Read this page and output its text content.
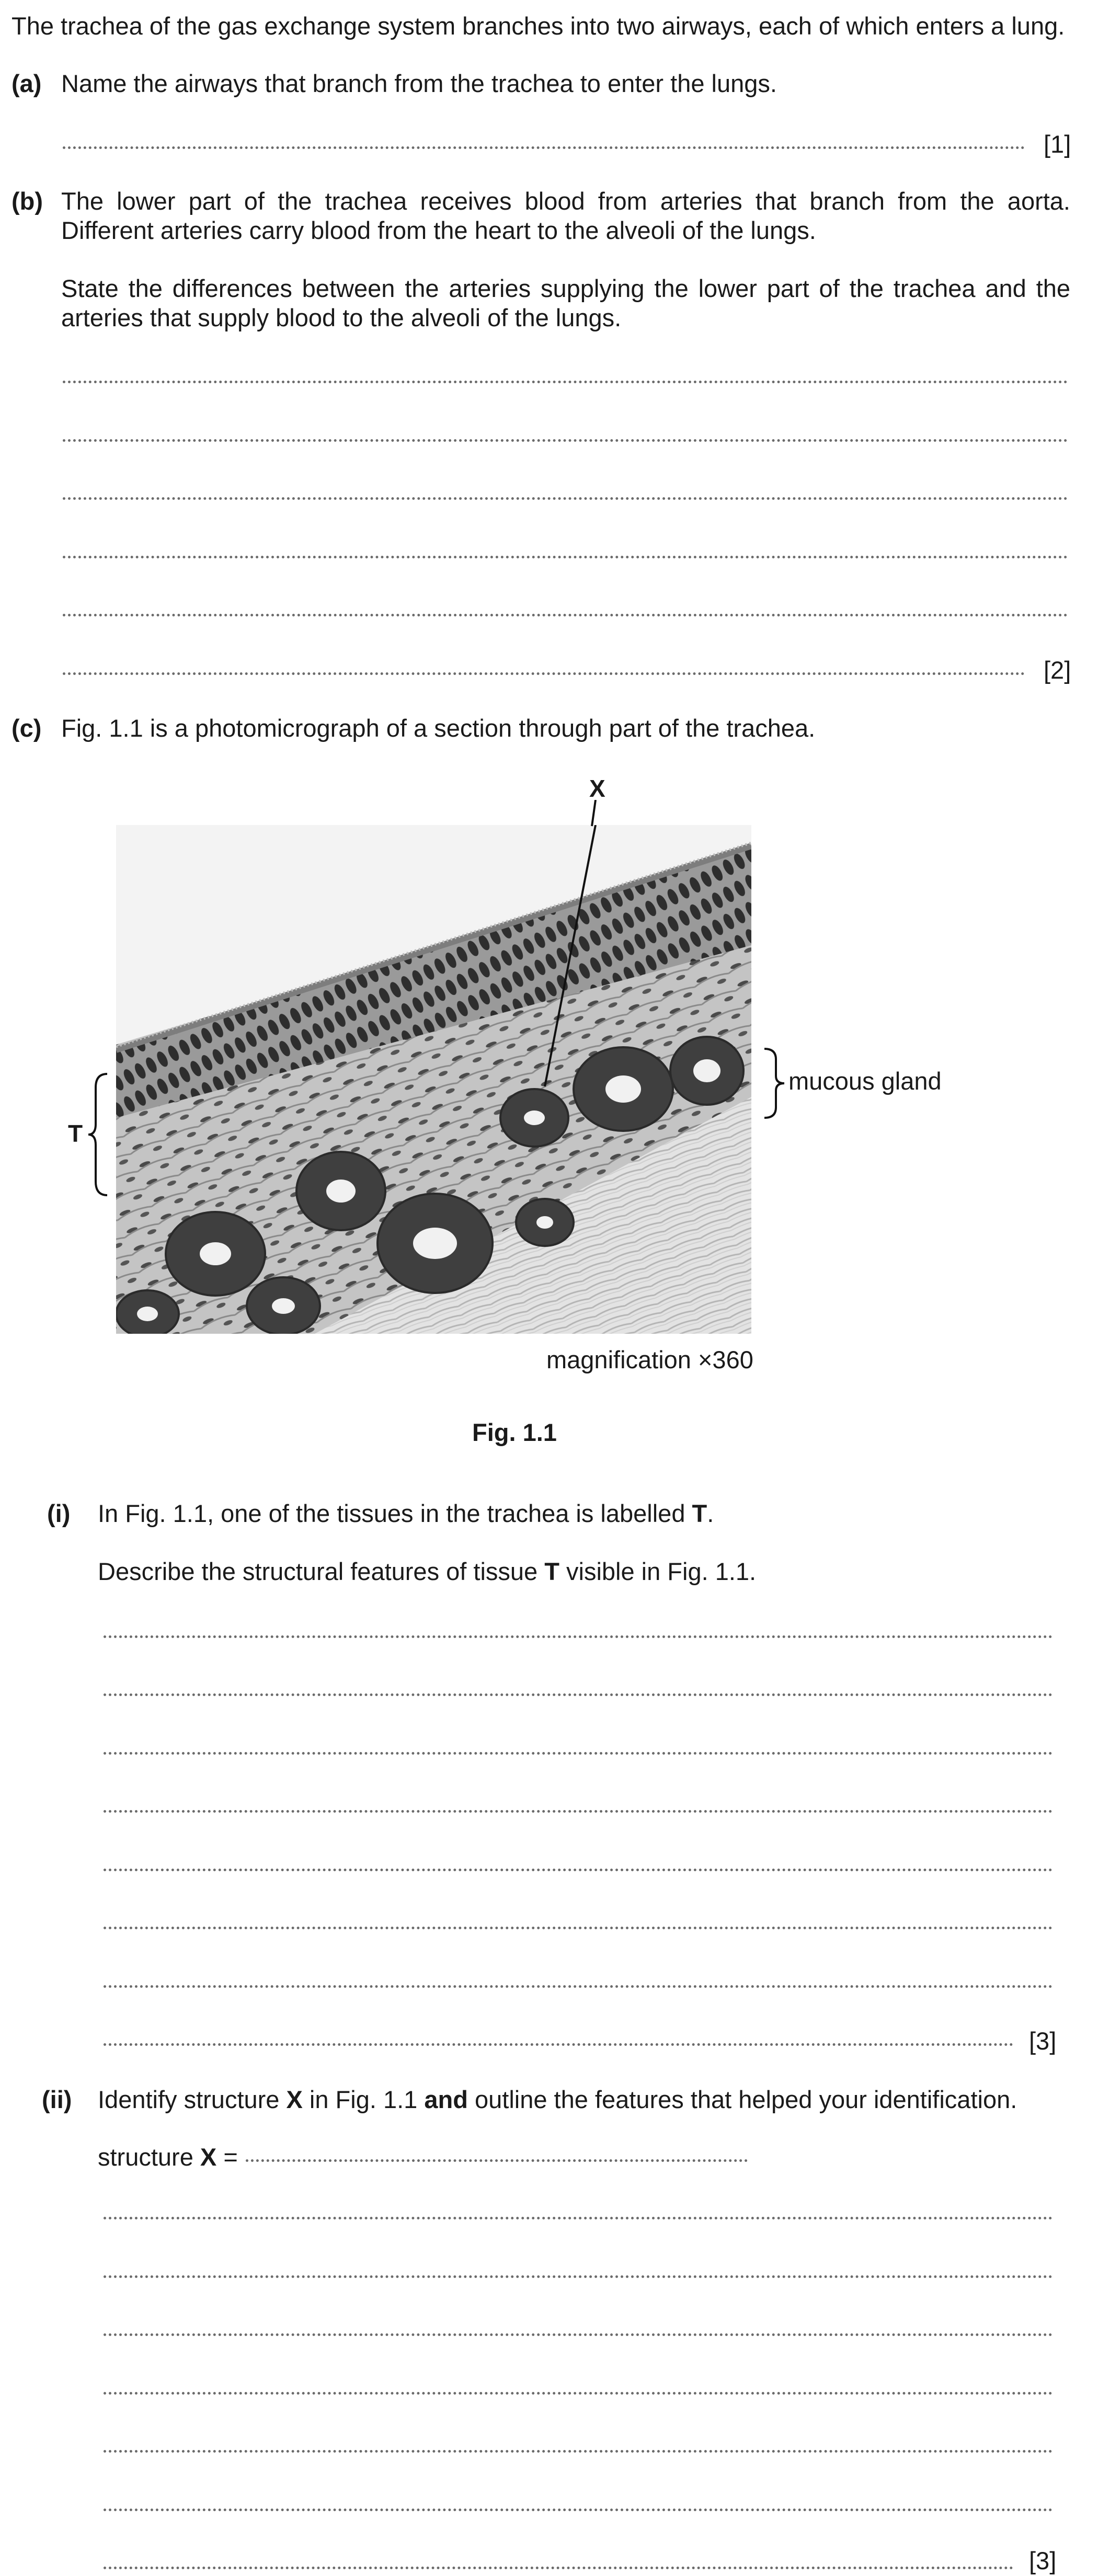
The trachea of the gas exchange system branches into two airways, each of which enters a lung.
(a) Name the airways that branch from the trachea to enter the lungs.
[1]
(b) The lower part of the trachea receives blood from arteries that branch from the aorta. Different arteries carry blood from the heart to the alveoli of the lungs.
State the differences between the arteries supplying the lower part of the trachea and the arteries that supply blood to the alveoli of the lungs.
[2]
(c) Fig. 1.1 is a photomicrograph of a section through part of the trachea.
X
T
mucous gland
magnification ×360
Fig. 1.1
(i) In Fig. 1.1, one of the tissues in the trachea is labelled T.
Describe the structural features of tissue T visible in Fig. 1.1.
[3]
(ii) Identify structure X in Fig. 1.1 and outline the features that helped your identification.
structure X =
[3]
